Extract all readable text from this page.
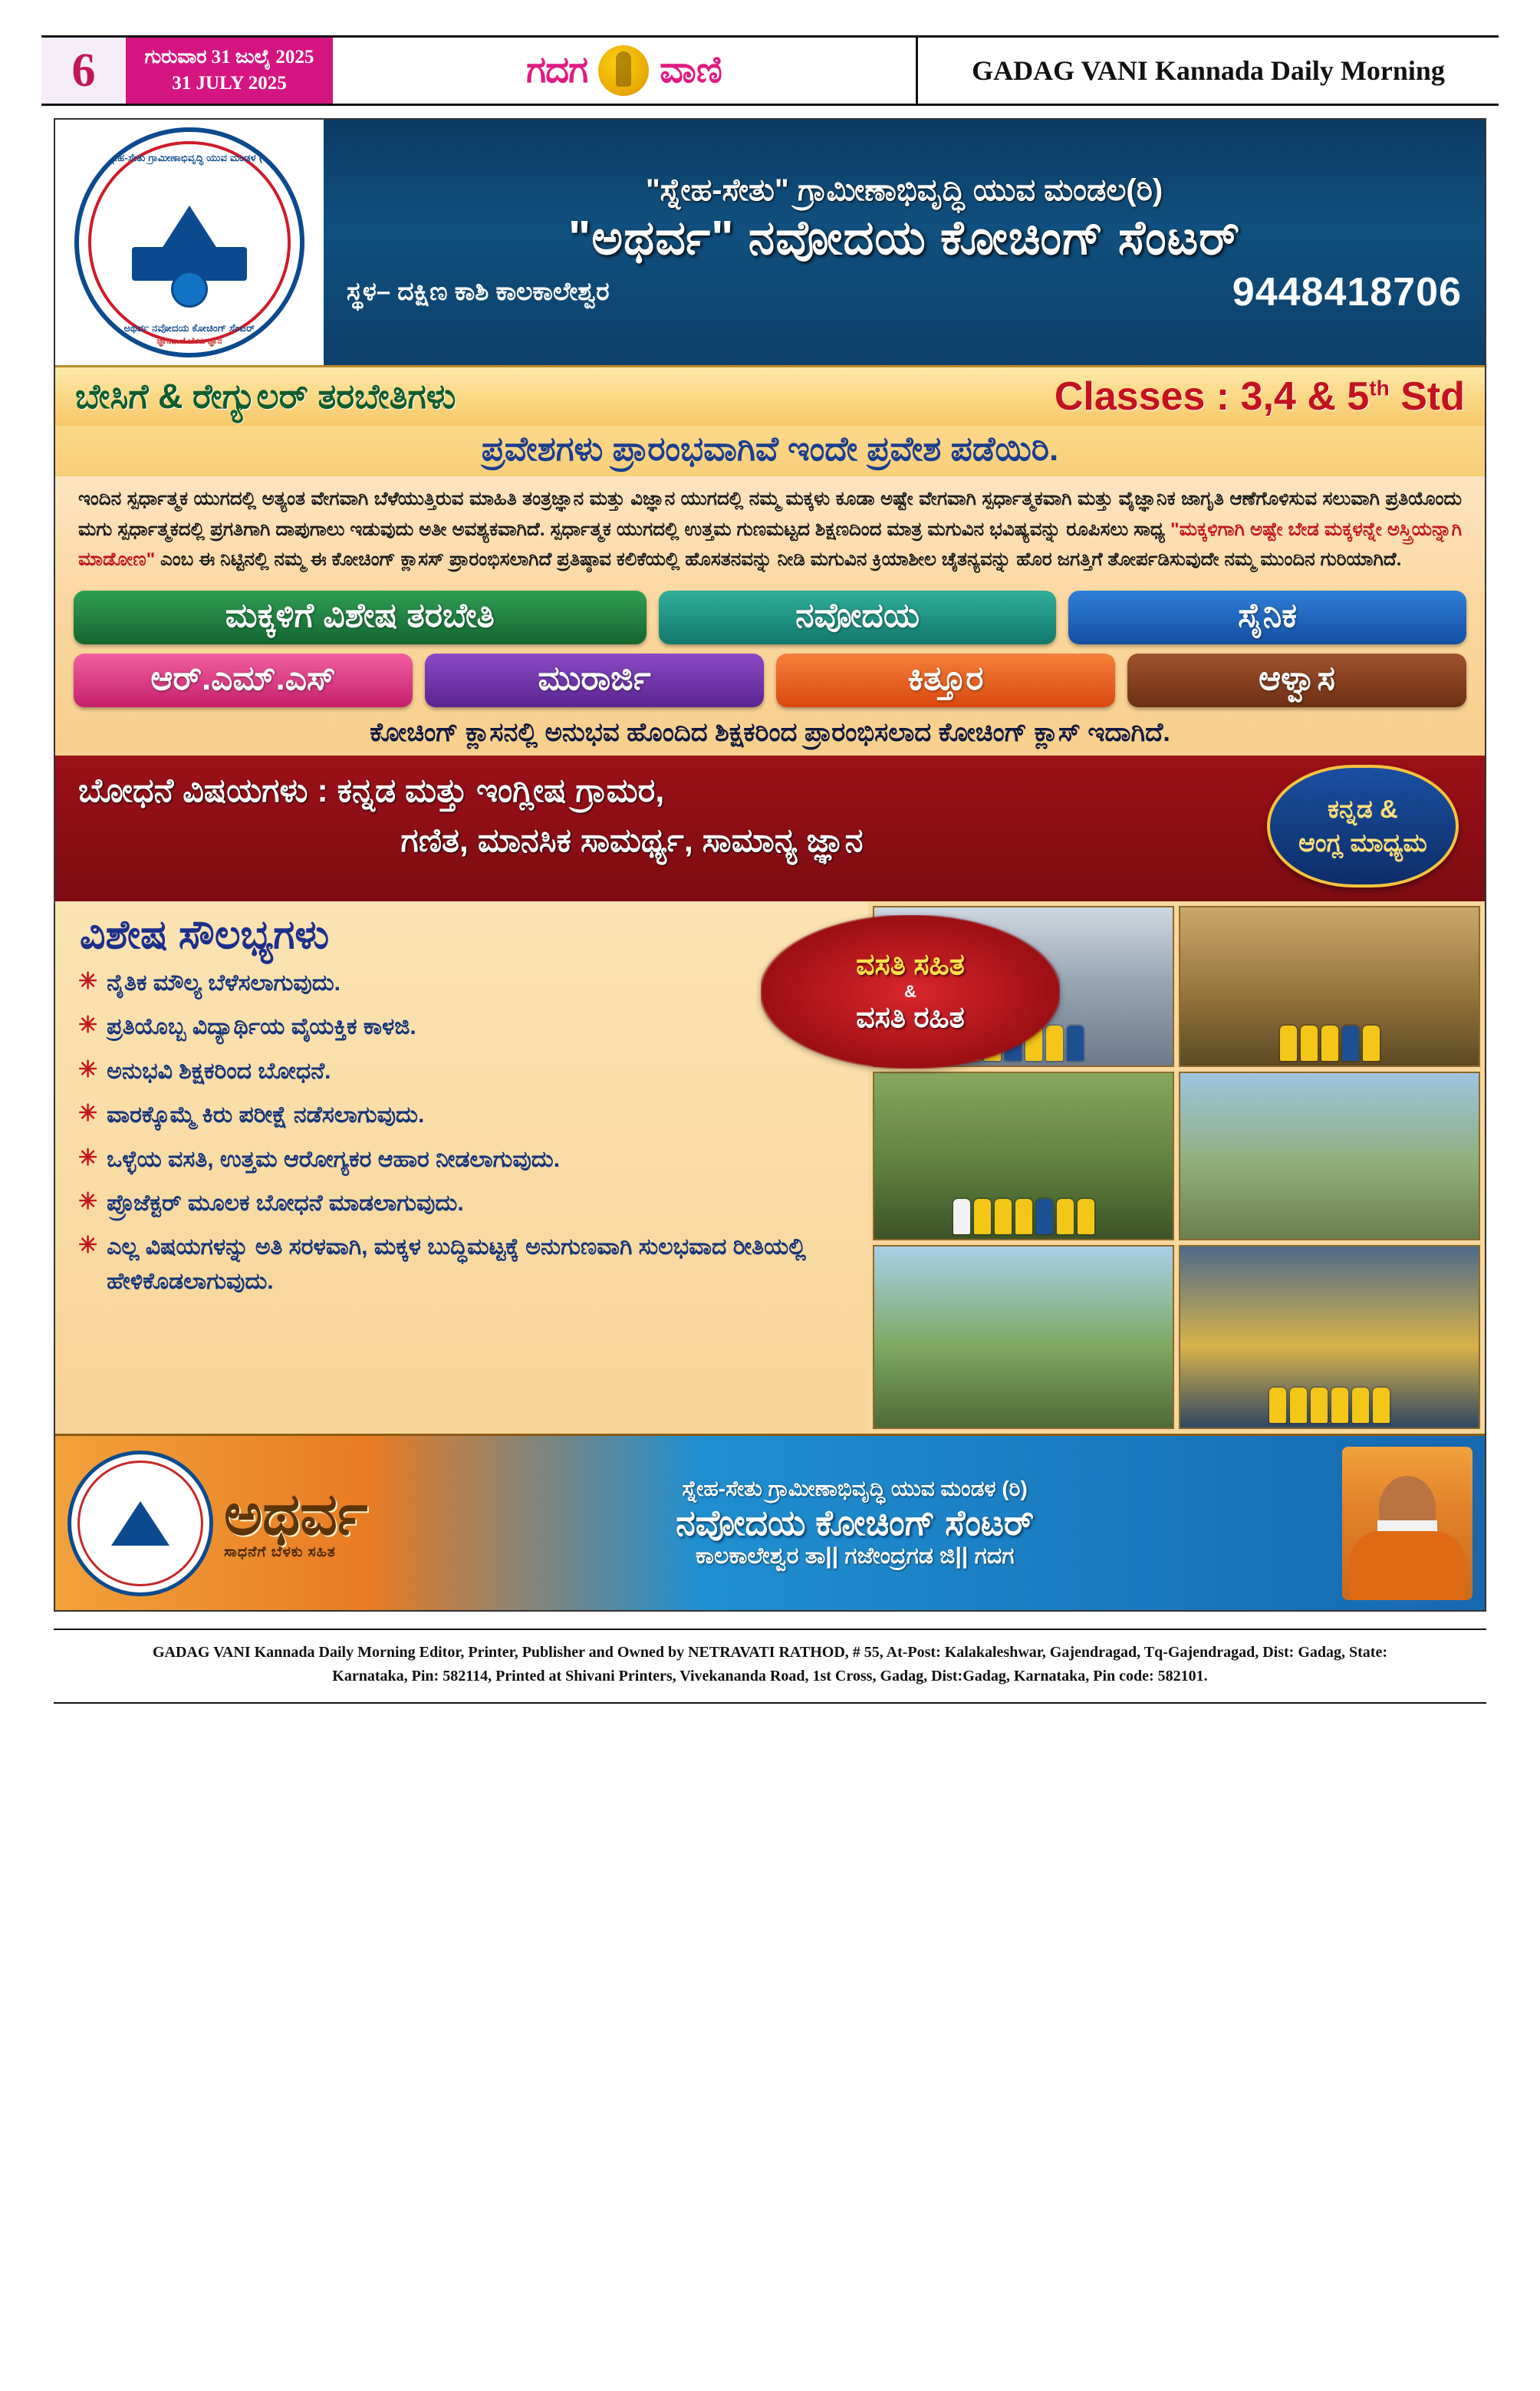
6	ಗುರುವಾರ 31 ಜುಲೈ 2025
31 JULY 2025	ಗದಗ ವಾಣಿ	GADAG VANI Kannada Daily Morning
ಸ್ನೇಹ-ಸೇತು ಗ್ರಾಮೀಣಾಭಿವೃದ್ಧಿ ಯುವ ಮಂಡಳ (ರಿ)
ಅಥರ್ವ ನವೋದಯ ಕೋಚಿಂಗ್ ಸೆಂಟರ್
ಜ್ಞಾನವಾಣಿ ಬೆಳಕು ಜ್ಞಾನ
"ಸ್ನೇಹ-ಸೇತು" ಗ್ರಾಮೀಣಾಭಿವೃದ್ಧಿ ಯುವ ಮಂಡಲ(ರಿ)
"ಅಥರ್ವ" ನವೋದಯ ಕೋಚಿಂಗ್ ಸೆಂಟರ್
ಸ್ಥಳ– ದಕ್ಷಿಣ ಕಾಶಿ ಕಾಲಕಾಲೇಶ್ವರ	9448418706
ಬೇಸಿಗೆ & ರೇಗ್ಯುಲರ್ ತರಬೇತಿಗಳು	Classes : 3,4 & 5th Std
ಪ್ರವೇಶಗಳು ಪ್ರಾರಂಭವಾಗಿವೆ ಇಂದೇ ಪ್ರವೇಶ ಪಡೆಯಿರಿ.
ಇಂದಿನ ಸ್ಪರ್ಧಾತ್ಮಕ ಯುಗದಲ್ಲಿ ಅತ್ಯಂತ ವೇಗವಾಗಿ ಬೆಳೆಯುತ್ತಿರುವ ಮಾಹಿತಿ ತಂತ್ರಜ್ಞಾನ ಮತ್ತು ವಿಜ್ಞಾನ ಯುಗದಲ್ಲಿ ನಮ್ಮ ಮಕ್ಕಳು ಕೂಡಾ ಅಷ್ಟೇ ವೇಗವಾಗಿ ಸ್ಪರ್ಧಾತ್ಮಕವಾಗಿ ಮತ್ತು ವೈಜ್ಞಾನಿಕ ಜಾಗೃತಿ ಆಣೆಗೊಳಿಸುವ ಸಲುವಾಗಿ ಪ್ರತಿಯೊಂದು ಮಗು ಸ್ಪರ್ಧಾತ್ಮಕದಲ್ಲಿ ಪ್ರಗತಿಗಾಗಿ ದಾಪುಗಾಲು ಇಡುವುದು ಅತೀ ಅವಶ್ಯಕವಾಗಿದೆ. ಸ್ಪರ್ಧಾತ್ಮಕ ಯುಗದಲ್ಲಿ ಉತ್ತಮ ಗುಣಮಟ್ಟದ ಶಿಕ್ಷಣದಿಂದ ಮಾತ್ರ ಮಗುವಿನ ಭವಿಷ್ಯವನ್ನು ರೂಪಿಸಲು ಸಾಧ್ಯ "ಮಕ್ಕಳಿಗಾಗಿ ಅಷ್ಟೇ ಬೇಡ ಮಕ್ಕಳನ್ನೇ ಅಸ್ತ್ರಿಯನ್ನಾಗಿ ಮಾಡೋಣ" ಎಂಬ ಈ ನಿಟ್ಟಿನಲ್ಲಿ ನಮ್ಮ ಈ ಕೋಚಿಂಗ್ ಕ್ಲಾಸಸ್ ಪ್ರಾರಂಭಿಸಲಾಗಿದೆ ಪ್ರತಿಷ್ಠಾವ ಕಲಿಕೆಯಲ್ಲಿ ಹೊಸತನವನ್ನು ನೀಡಿ ಮಗುವಿನ ಕ್ರಿಯಾಶೀಲ ಚೈತನ್ಯವನ್ನು ಹೊರ ಜಗತ್ತಿಗೆ ತೋರ್ಪಡಿಸುವುದೇ ನಮ್ಮ ಮುಂದಿನ ಗುರಿಯಾಗಿದೆ.
ಮಕ್ಕಳಿಗೆ ವಿಶೇಷ ತರಬೇತಿ	ನವೋದಯ	ಸೈನಿಕ
ಆರ್.ಎಮ್.ಎಸ್	ಮುರಾರ್ಜಿ	ಕಿತ್ತೂರ	ಆಳ್ವಾಸ
ಕೋಚಿಂಗ್ ಕ್ಲಾಸನಲ್ಲಿ ಅನುಭವ ಹೊಂದಿದ ಶಿಕ್ಷಕರಿಂದ ಪ್ರಾರಂಭಿಸಲಾದ ಕೋಚಿಂಗ್ ಕ್ಲಾಸ್ ಇದಾಗಿದೆ.
ಬೋಧನೆ ವಿಷಯಗಳು : ಕನ್ನಡ ಮತ್ತು ಇಂಗ್ಲೀಷ ಗ್ರಾಮರ,
ಗಣಿತ, ಮಾನಸಿಕ ಸಾಮರ್ಥ್ಯ, ಸಾಮಾನ್ಯ ಜ್ಞಾನ
ಕನ್ನಡ &
ಆಂಗ್ಲ ಮಾಧ್ಯಮ
ವಿಶೇಷ ಸೌಲಭ್ಯಗಳು
✳ ನೈತಿಕ ಮೌಲ್ಯ ಬೆಳೆಸಲಾಗುವುದು.
✳ ಪ್ರತಿಯೊಬ್ಬ ವಿದ್ಯಾರ್ಥಿಯ ವೈಯಕ್ತಿಕ ಕಾಳಜಿ.
✳ ಅನುಭವಿ ಶಿಕ್ಷಕರಿಂದ ಬೋಧನೆ.
✳ ವಾರಕ್ಕೊಮ್ಮೆ ಕಿರು ಪರೀಕ್ಷೆ ನಡೆಸಲಾಗುವುದು.
✳ ಒಳ್ಳೆಯ ವಸತಿ, ಉತ್ತಮ ಆರೋಗ್ಯಕರ ಆಹಾರ ನೀಡಲಾಗುವುದು.
✳ ಪ್ರೊಜೆಕ್ಟರ್ ಮೂಲಕ ಬೋಧನೆ ಮಾಡಲಾಗುವುದು.
✳ ಎಲ್ಲ ವಿಷಯಗಳನ್ನು ಅತಿ ಸರಳವಾಗಿ, ಮಕ್ಕಳ ಬುದ್ಧಿಮಟ್ಟಕ್ಕೆ ಅನುಗುಣವಾಗಿ ಸುಲಭವಾದ ರೀತಿಯಲ್ಲಿ ಹೇಳಿಕೊಡಲಾಗುವುದು.
ವಸತಿ ಸಹಿತ
&
ವಸತಿ ರಹಿತ
ಅಥರ್ವ
ಸಾಧನೆಗೆ ಬೆಳಕು ಸಹಿತ
ಸ್ನೇಹ-ಸೇತು ಗ್ರಾಮೀಣಾಭಿವೃದ್ಧಿ ಯುವ ಮಂಡಳ (ರಿ)
ನವೋದಯ ಕೋಚಿಂಗ್ ಸೆಂಟರ್
ಕಾಲಕಾಲೇಶ್ವರ ತಾ|| ಗಜೇಂದ್ರಗಡ ಜಿ|| ಗದಗ
GADAG VANI Kannada Daily Morning Editor, Printer, Publisher and Owned by NETRAVATI RATHOD, # 55, At-Post: Kalakaleshwar, Gajendragad, Tq-Gajendragad, Dist: Gadag, State:
Karnataka, Pin: 582114, Printed at Shivani Printers, Vivekananda Road, 1st Cross, Gadag, Dist:Gadag, Karnataka, Pin code: 582101.
